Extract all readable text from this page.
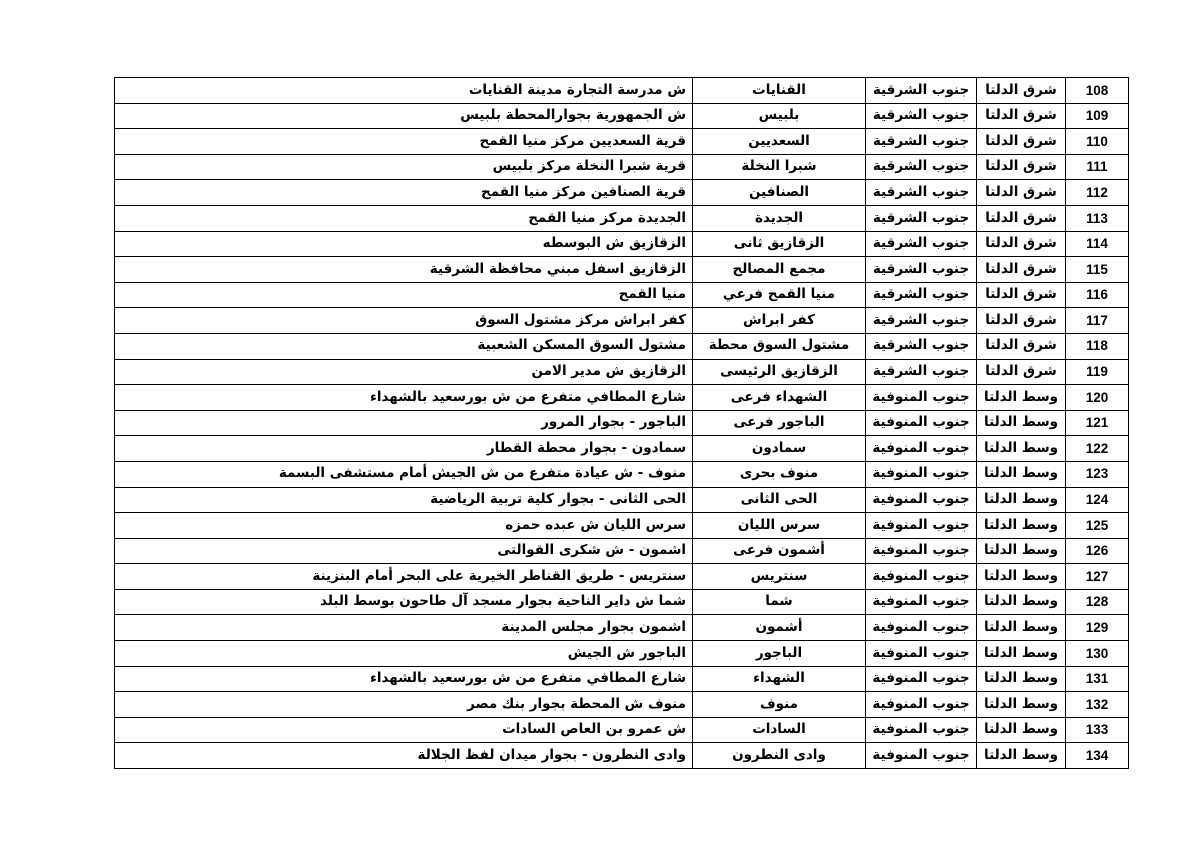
108	شرق الدلتا	جنوب الشرقية	القنايات	ش مدرسة التجارة مدينة القنايات
109	شرق الدلتا	جنوب الشرقية	بلبيس	ش الجمهورية بجوارالمحطة بلبيس
110	شرق الدلتا	جنوب الشرقية	السعديين	قرية السعديين مركز منيا القمح
111	شرق الدلتا	جنوب الشرقية	شبرا النخلة	قرية شبرا النخلة مركز بلبيس
112	شرق الدلتا	جنوب الشرقية	الصنافين	قرية الصنافين مركز منيا القمح
113	شرق الدلتا	جنوب الشرقية	الجديدة	الجديدة مركز منيا القمح
114	شرق الدلتا	جنوب الشرقية	الزقازيق ثانى	الزقازيق ش البوسطه
115	شرق الدلتا	جنوب الشرقية	مجمع المصالح	الزقازيق اسفل مبني محافظة الشرقية
116	شرق الدلتا	جنوب الشرقية	منيا القمح فرعي	منيا القمح
117	شرق الدلتا	جنوب الشرقية	كفر ابراش	كفر ابراش مركز مشتول السوق
118	شرق الدلتا	جنوب الشرقية	مشتول السوق محطة	مشتول السوق المسكن الشعبية
119	شرق الدلتا	جنوب الشرقية	الزقازيق الرئيسى	الزقازيق ش مدير الامن
120	وسط الدلتا	جنوب المنوفية	الشهداء فرعى	شارع المطافي متفرع من ش بورسعيد بالشهداء
121	وسط الدلتا	جنوب المنوفية	الباجور فرعى	الباجور - بجوار المرور
122	وسط الدلتا	جنوب المنوفية	سمادون	سمادون - بجوار محطة القطار
123	وسط الدلتا	جنوب المنوفية	منوف بحرى	منوف - ش عيادة متفرع من ش الجيش أمام مستشفى البسمة
124	وسط الدلتا	جنوب المنوفية	الحى الثانى	الحى الثانى - بجوار كلية تربية الرياضية
125	وسط الدلتا	جنوب المنوفية	سرس الليان	سرس الليان ش عبده حمزه
126	وسط الدلتا	جنوب المنوفية	أشمون فرعى	اشمون - ش شكرى القوالتى
127	وسط الدلتا	جنوب المنوفية	سنتريس	سنتريس - طريق القناطر الخيرية على البحر أمام البنزينة
128	وسط الدلتا	جنوب المنوفية	شما	شما ش داير الناحية بجوار مسجد آل طاحون بوسط البلد
129	وسط الدلتا	جنوب المنوفية	أشمون	اشمون بجوار مجلس المدينة
130	وسط الدلتا	جنوب المنوفية	الباجور	الباجور ش الجيش
131	وسط الدلتا	جنوب المنوفية	الشهداء	شارع المطافي متفرع من ش بورسعيد بالشهداء
132	وسط الدلتا	جنوب المنوفية	منوف	منوف ش المحطة بجوار بنك مصر
133	وسط الدلتا	جنوب المنوفية	السادات	ش عمرو بن العاص السادات
134	وسط الدلتا	جنوب المنوفية	وادى النطرون	وادى النطرون - بجوار ميدان لفظ الجلالة
